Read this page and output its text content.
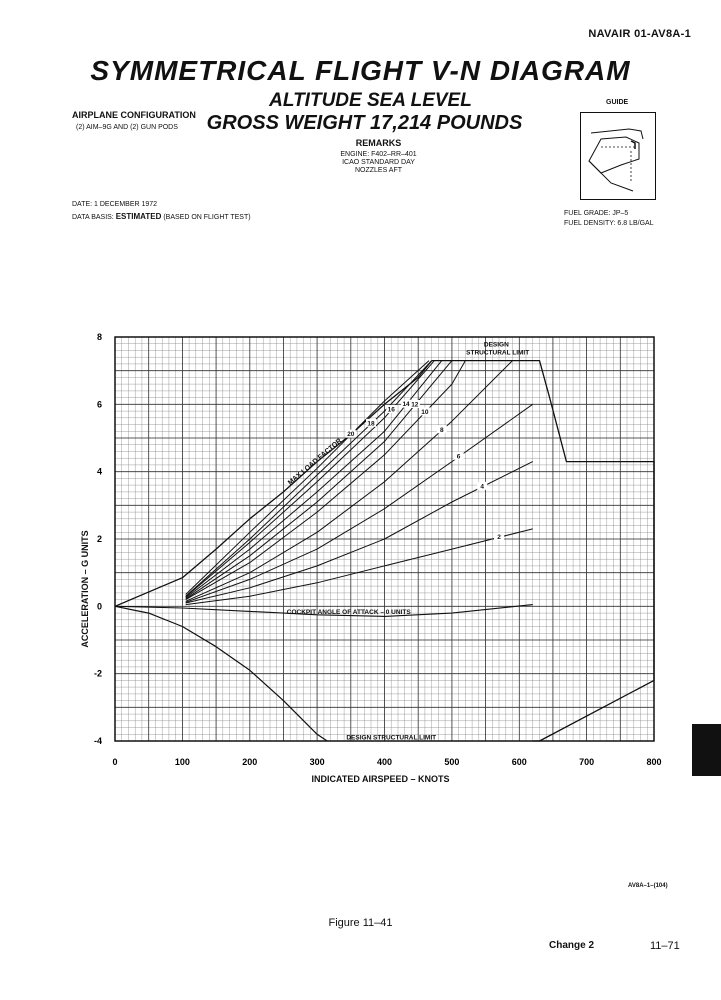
NAVAIR 01-AV8A-1
SYMMETRICAL FLIGHT V-N DIAGRAM
ALTITUDE SEA LEVEL
GROSS WEIGHT 17,214 POUNDS
AIRPLANE CONFIGURATION
(2) AIM–9G AND (2) GUN PODS
REMARKS
ENGINE: F402–RR–401
ICAO STANDARD DAY
NOZZLES AFT
GUIDE
DATE: 1 DECEMBER 1972
DATA BASIS: ESTIMATED (BASED ON FLIGHT TEST)
FUEL GRADE: JP–5
FUEL DENSITY: 6.8 LB/GAL
0	100	200	300	400	500	600	700	800
8
6
4
2
0
-2
-4
DESIGN
STRUCTURAL LIMIT
DESIGN STRUCTURAL LIMIT
COCKPIT ANGLE OF ATTACK – 0 UNITS
MAX LOAD FACTOR
20
18
16
14 12
10
8
6
4
2
INDICATED AIRSPEED – KNOTS
ACCELERATION – G UNITS
AV8A–1–(104)
Figure 11–41
Change 2	11–71
